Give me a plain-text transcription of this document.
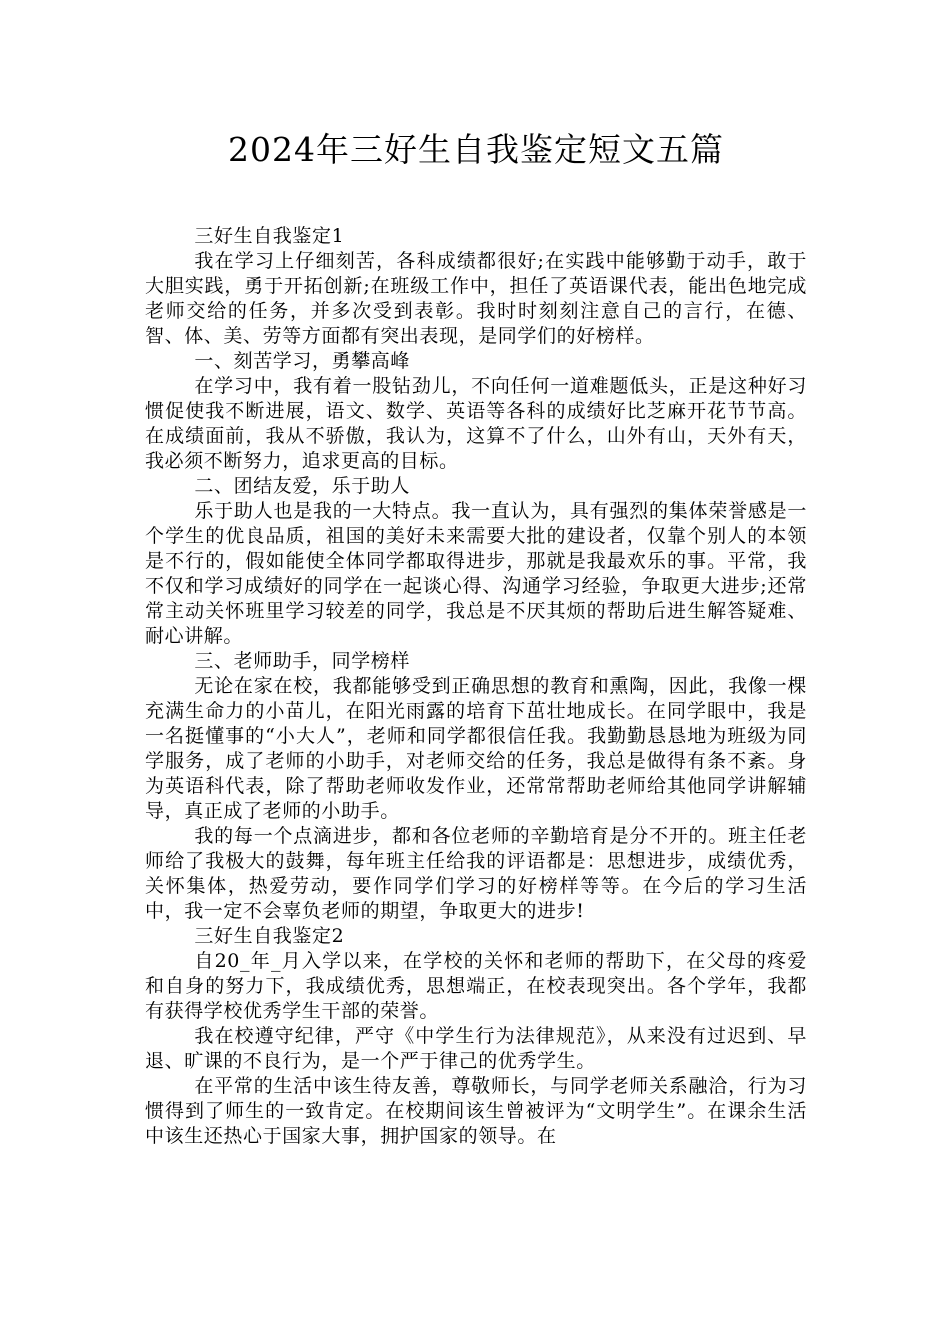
2024年三好生自我鉴定短文五篇

三好生自我鉴定1

我在学习上仔细刻苦，各科成绩都很好;在实践中能够勤于动手，敢于大胆实践，勇于开拓创新;在班级工作中，担任了英语课代表，能出色地完成老师交给的任务，并多次受到表彰。我时时刻刻注意自己的言行，在德、智、体、美、劳等方面都有突出表现，是同学们的好榜样。

一、刻苦学习，勇攀高峰

在学习中，我有着一股钻劲儿，不向任何一道难题低头，正是这种好习惯促使我不断进展，语文、数学、英语等各科的成绩好比芝麻开花节节高。在成绩面前，我从不骄傲，我认为，这算不了什么，山外有山，天外有天，我必须不断努力，追求更高的目标。

二、团结友爱，乐于助人

乐于助人也是我的一大特点。我一直认为，具有强烈的集体荣誉感是一个学生的优良品质，祖国的美好未来需要大批的建设者，仅靠个别人的本领是不行的，假如能使全体同学都取得进步，那就是我最欢乐的事。平常，我不仅和学习成绩好的同学在一起谈心得、沟通学习经验，争取更大进步;还常常主动关怀班里学习较差的同学，我总是不厌其烦的帮助后进生解答疑难、耐心讲解。

三、老师助手，同学榜样

无论在家在校，我都能够受到正确思想的教育和熏陶，因此，我像一棵充满生命力的小苗儿，在阳光雨露的培育下茁壮地成长。在同学眼中，我是一名挺懂事的“小大人”，老师和同学都很信任我。我勤勤恳恳地为班级为同学服务，成了老师的小助手，对老师交给的任务，我总是做得有条不紊。身为英语科代表，除了帮助老师收发作业，还常常帮助老师给其他同学讲解辅导，真正成了老师的小助手。

我的每一个点滴进步，都和各位老师的辛勤培育是分不开的。班主任老师给了我极大的鼓舞，每年班主任给我的评语都是：思想进步，成绩优秀，关怀集体，热爱劳动，要作同学们学习的好榜样等等。在今后的学习生活中，我一定不会辜负老师的期望，争取更大的进步!

三好生自我鉴定2

自20_年_月入学以来，在学校的关怀和老师的帮助下，在父母的疼爱和自身的努力下，我成绩优秀，思想端正，在校表现突出。各个学年，我都有获得学校优秀学生干部的荣誉。

我在校遵守纪律，严守《中学生行为法律规范》，从来没有过迟到、早退、旷课的不良行为，是一个严于律己的优秀学生。

在平常的生活中该生待友善，尊敬师长，与同学老师关系融洽，行为习惯得到了师生的一致肯定。在校期间该生曾被评为“文明学生”。在课余生活中该生还热心于国家大事，拥护国家的领导。在
